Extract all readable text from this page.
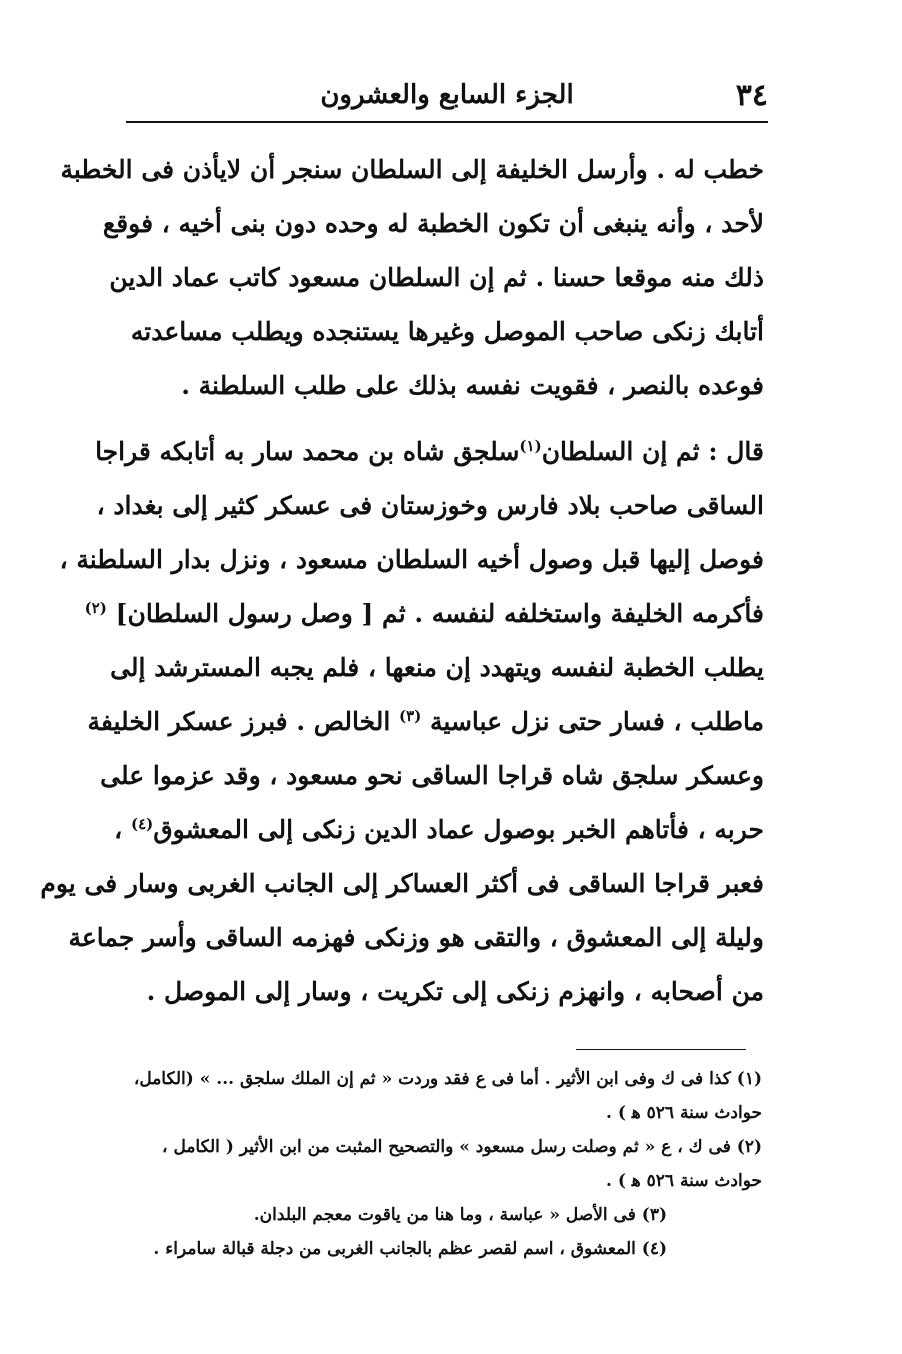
٣٤
الجزء السابع والعشرون
خطب له . وأرسل الخليفة إلى السلطان سنجر أن لايأذن فى الخطبة
لأحد ، وأنه ينبغى أن تكون الخطبة له وحده دون بنى أخيه ، فوقع
ذلك منه موقعا حسنا . ثم إن السلطان مسعود كاتب عماد الدين
أتابك زنكى صاحب الموصل وغيرها يستنجده ويطلب مساعدته
فوعده بالنصر ، فقويت نفسه بذلك على طلب السلطنة .
قال : ثم إن السلطان$^{(١)}$سلجق شاه بن محمد سار به أتابكه قراجا
الساقى صاحب بلاد فارس وخوزستان فى عسكر كثير إلى بغداد ،
فوصل إليها قبل وصول أخيه السلطان مسعود ، ونزل بدار السلطنة ،
فأكرمه الخليفة واستخلفه لنفسه . ثم [ وصل رسول السلطان] $^{(٢)}$
يطلب الخطبة لنفسه ويتهدد إن منعها ، فلم يجبه المسترشد إلى
ماطلب ، فسار حتى نزل عباسية $^{(٣)}$ الخالص . فبرز عسكر الخليفة
وعسكر سلجق شاه قراجا الساقى نحو مسعود ، وقد عزموا على
حربه ، فأتاهم الخبر بوصول عماد الدين زنكى إلى المعشوق$^{(٤)}$ ،
فعبر قراجا الساقى فى أكثر العساكر إلى الجانب الغربى وسار فى يوم
وليلة إلى المعشوق ، والتقى هو وزنكى فهزمه الساقى وأسر جماعة
من أصحابه ، وانهزم زنكى إلى تكريت ، وسار إلى الموصل .
(١) كذا فى ك وفى ابن الأثير . أما فى ع فقد وردت « ثم إن الملك سلجق ... » (الكامل،
حوادث سنة ٥٢٦ ﻫ ) .
(٢) فى ك ، ع « ثم وصلت رسل مسعود » والتصحيح المثبت من ابن الأثير ( الكامل ،
حوادث سنة ٥٢٦ ﻫ ) .
(٣) فى الأصل « عباسة ، وما هنا من ياقوت معجم البلدان.
(٤) المعشوق ، اسم لقصر عظم بالجانب الغربى من دجلة قبالة سامراء .
